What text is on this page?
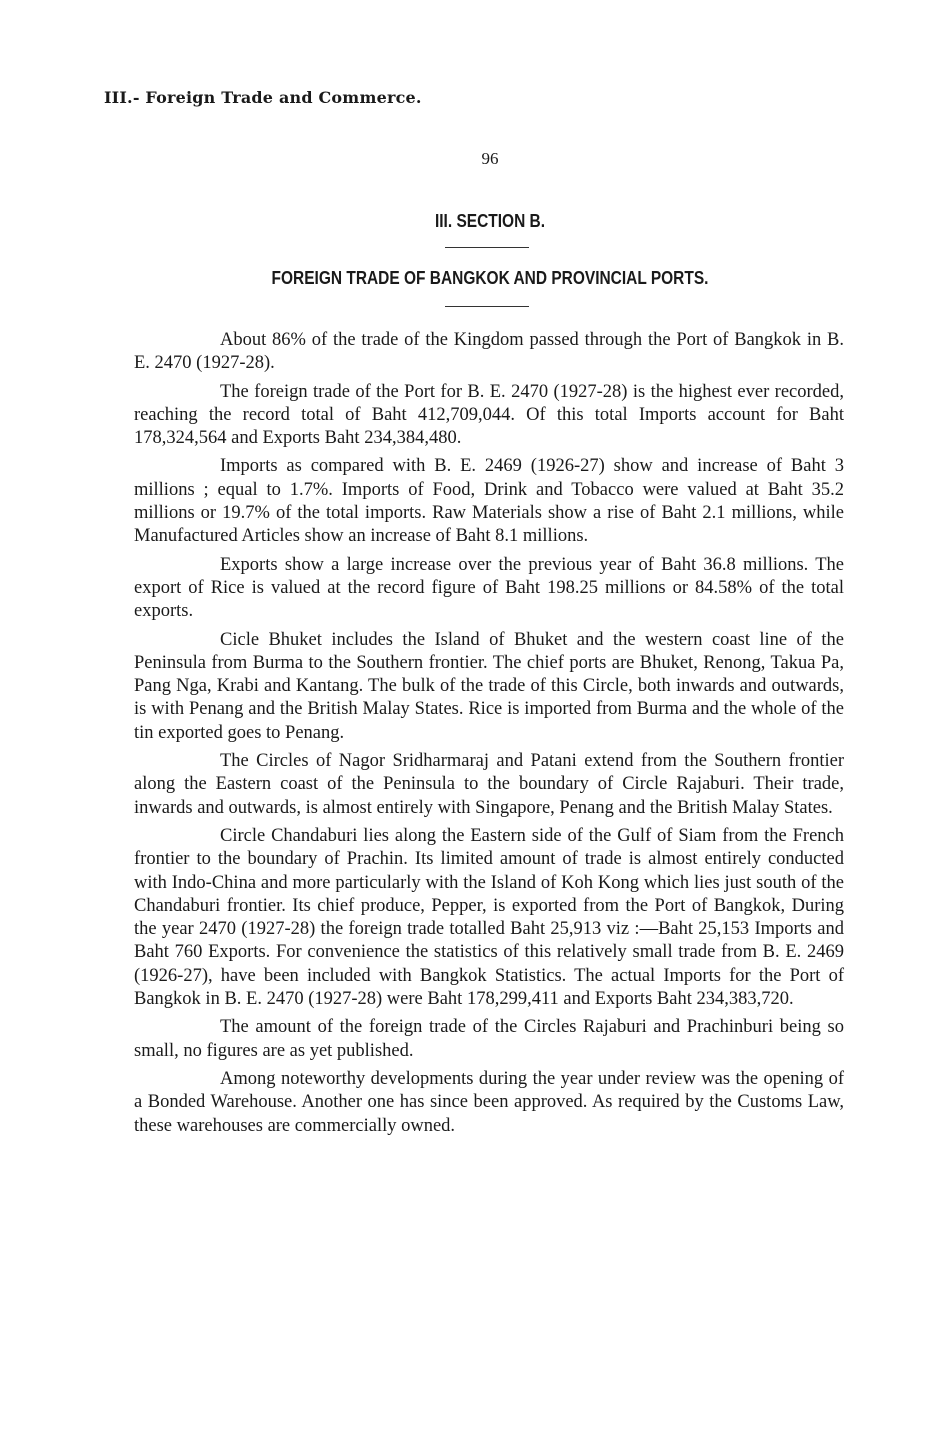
III.- Foreign Trade and Commerce.
96
III. SECTION B.
FOREIGN TRADE OF BANGKOK AND PROVINCIAL PORTS.

About 86% of the trade of the Kingdom passed through the Port of Bangkok in B. E. 2470 (1927-28).

The foreign trade of the Port for B. E. 2470 (1927-28) is the highest ever recorded, reaching the record total of Baht 412,709,044. Of this total Imports account for Baht 178,324,564 and Exports Baht 234,384,480.

Imports as compared with B. E. 2469 (1926-27) show and increase of Baht 3 millions ; equal to 1.7%. Imports of Food, Drink and Tobacco were valued at Baht 35.2 millions or 19.7% of the total imports. Raw Materials show a rise of Baht 2.1 millions, while Manufactured Articles show an increase of Baht 8.1 millions.

Exports show a large increase over the previous year of Baht 36.8 millions. The export of Rice is valued at the record figure of Baht 198.25 millions or 84.58% of the total exports.

Cicle Bhuket includes the Island of Bhuket and the western coast line of the Peninsula from Burma to the Southern frontier. The chief ports are Bhuket, Renong, Takua Pa, Pang Nga, Krabi and Kantang. The bulk of the trade of this Circle, both inwards and outwards, is with Penang and the British Malay States. Rice is imported from Burma and the whole of the tin exported goes to Penang.

The Circles of Nagor Sridharmaraj and Patani extend from the Southern frontier along the Eastern coast of the Peninsula to the boundary of Circle Rajaburi. Their trade, inwards and outwards, is almost entirely with Singapore, Penang and the British Malay States.

Circle Chandaburi lies along the Eastern side of the Gulf of Siam from the French frontier to the boundary of Prachin. Its limited amount of trade is almost entirely conducted with Indo-China and more particularly with the Island of Koh Kong which lies just south of the Chandaburi frontier. Its chief produce, Pepper, is exported from the Port of Bangkok, During the year 2470 (1927-28) the foreign trade totalled Baht 25,913 viz :—Baht 25,153 Imports and Baht 760 Exports. For convenience the statistics of this relatively small trade from B. E. 2469 (1926-27), have been included with Bangkok Statistics. The actual Imports for the Port of Bangkok in B. E. 2470 (1927-28) were Baht 178,299,411 and Exports Baht 234,383,720.

The amount of the foreign trade of the Circles Rajaburi and Prachinburi being so small, no figures are as yet published.

Among noteworthy developments during the year under review was the opening of a Bonded Warehouse. Another one has since been approved. As required by the Customs Law, these warehouses are commercially owned.
